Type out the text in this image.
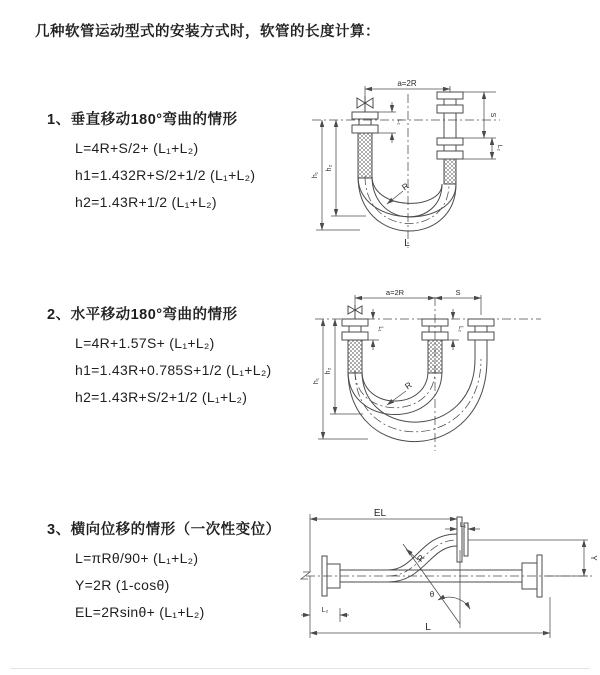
几种软管运动型式的安装方式时，软管的长度计算：
1、垂直移动180°弯曲的情形
L=4R+S/2+ (L₁+L₂)
h1=1.432R+S/2+1/2 (L₁+L₂)
h2=1.43R+1/2 (L₁+L₂)
2、水平移动180°弯曲的情形
L=4R+1.57S+ (L₁+L₂)
h1=1.43R+0.785S+1/2 (L₁+L₂)
h2=1.43R+S/2+1/2 (L₁+L₂)
3、横向位移的情形（一次性变位）
L=πRθ/90+ (L₁+L₂)
Y=2R (1-cosθ)
EL=2Rsinθ+ (L₁+L₂)
a=2R
h₁
h₂
L₁
S
L₂
R
L
a=2R	S
h₁
h₂
L₁	L₂
R
EL
L₁
Y
L
L₂
θ
R
